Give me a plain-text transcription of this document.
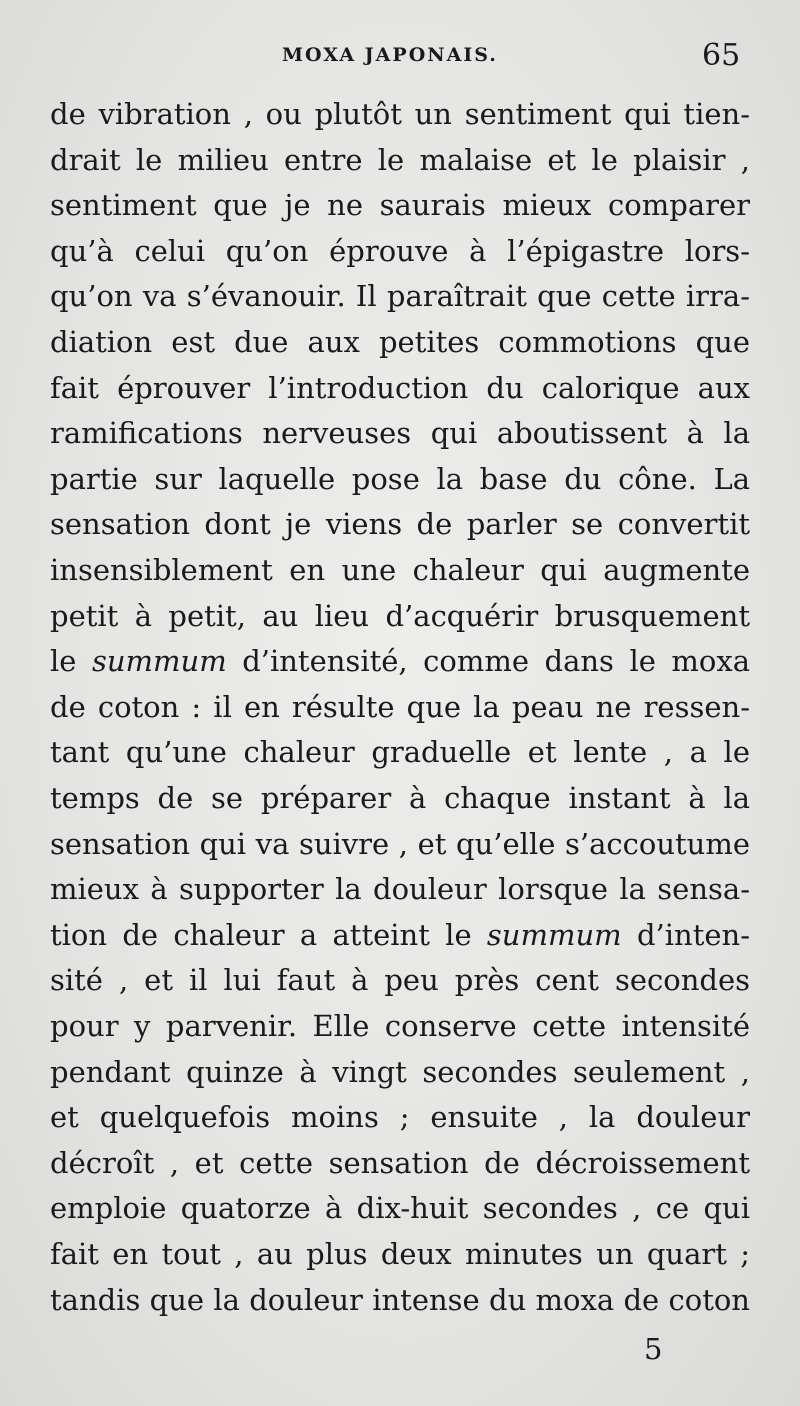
MOXA JAPONAIS.	65
de vibration , ou plutôt un sentiment qui tien-
drait le milieu entre le malaise et le plaisir ,
sentiment que je ne saurais mieux comparer
qu’à celui qu’on éprouve à l’épigastre lors-
qu’on va s’évanouir. Il paraîtrait que cette irra-
diation est due aux petites commotions que
fait éprouver l’introduction du calorique aux
ramifications nerveuses qui aboutissent à la
partie sur laquelle pose la base du cône. La
sensation dont je viens de parler se convertit
insensiblement en une chaleur qui augmente
petit à petit, au lieu d’acquérir brusquement
le summum d’intensité, comme dans le moxa
de coton : il en résulte que la peau ne ressen-
tant qu’une chaleur graduelle et lente , a le
temps de se préparer à chaque instant à la
sensation qui va suivre , et qu’elle s’accoutume
mieux à supporter la douleur lorsque la sensa-
tion de chaleur a atteint le summum d’inten-
sité , et il lui faut à peu près cent secondes
pour y parvenir. Elle conserve cette intensité
pendant quinze à vingt secondes seulement ,
et quelquefois moins ; ensuite , la douleur
décroît , et cette sensation de décroissement
emploie quatorze à dix-huit secondes , ce qui
fait en tout , au plus deux minutes un quart ;
tandis que la douleur intense du moxa de coton
5
